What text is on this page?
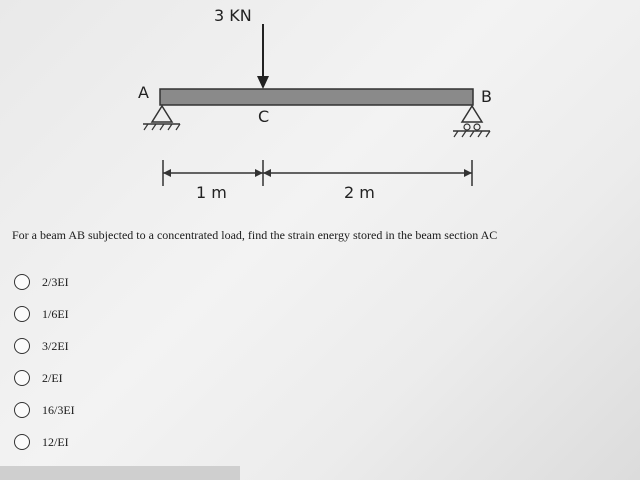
3 KN
A	B
C
1 m	2 m
For a beam AB subjected to a concentrated load, find the strain energy stored in the beam section AC
2/3EI
1/6EI
3/2EI
2/EI
16/3EI
12/EI
